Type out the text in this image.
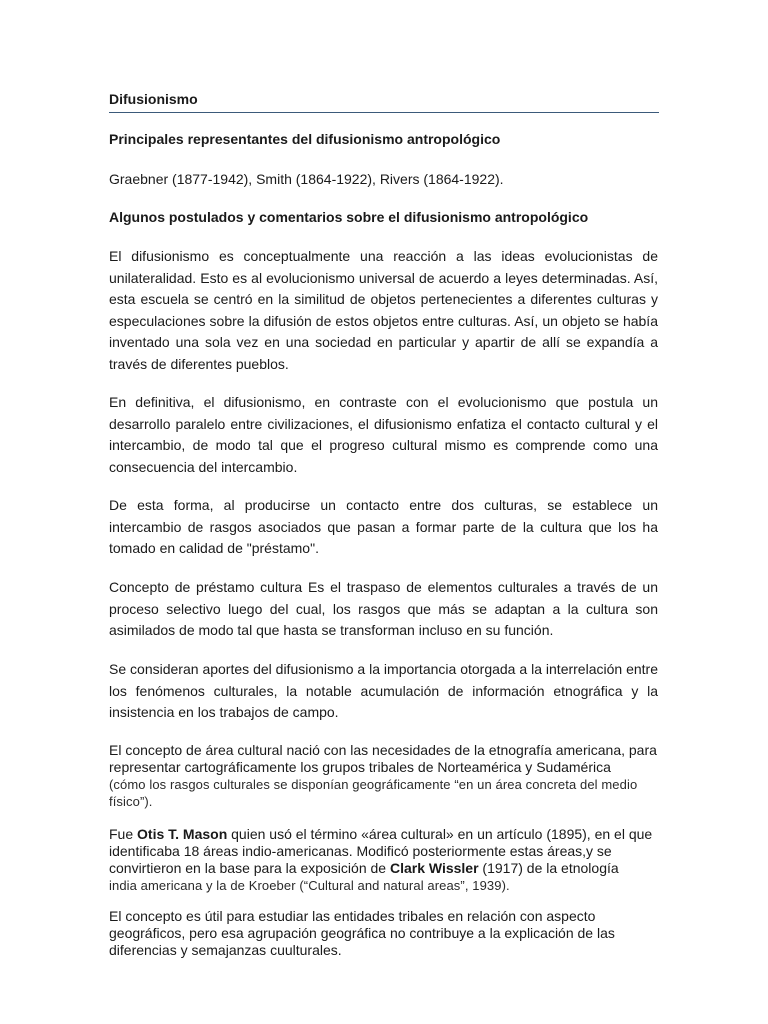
Difusionismo
Principales representantes del difusionismo antropológico

Graebner (1877-1942), Smith (1864-1922), Rivers (1864-1922).

Algunos postulados y comentarios sobre el difusionismo antropológico

El difusionismo es conceptualmente una reacción a las ideas evolucionistas de unilateralidad. Esto es al evolucionismo universal de acuerdo a leyes determinadas. Así, esta escuela se centró en la similitud de objetos pertenecientes a diferentes culturas y especulaciones sobre la difusión de estos objetos entre culturas. Así, un objeto se había inventado una sola vez en una sociedad en particular y apartir de allí se expandía a través de diferentes pueblos.

En definitiva, el difusionismo, en contraste con el evolucionismo que postula un desarrollo paralelo entre civilizaciones, el difusionismo enfatiza el contacto cultural y el intercambio, de modo tal que el progreso cultural mismo es comprende como una consecuencia del intercambio.

De esta forma, al producirse un contacto entre dos culturas, se establece un intercambio de rasgos asociados que pasan a formar parte de la cultura que los ha tomado en calidad de "préstamo".

Concepto de préstamo cultura Es el traspaso de elementos culturales a través de un proceso selectivo luego del cual, los rasgos que más se adaptan a la cultura son asimilados de modo tal que hasta se transforman incluso en su función.

Se consideran aportes del difusionismo a la importancia otorgada a la interrelación entre los fenómenos culturales, la notable acumulación de información etnográfica y la insistencia en los trabajos de campo.

El concepto de área cultural nació con las necesidades de la etnografía americana, para representar cartográficamente los grupos tribales de Norteamérica y Sudamérica
(cómo los rasgos culturales se disponían geográficamente “en un área concreta del medio físico”).
Fue Otis T. Mason quien usó el término «área cultural» en un artículo (1895), en el que identificaba 18 áreas indio-americanas. Modificó posteriormente estas áreas,y se convirtieron en la base para la exposición de Clark Wissler (1917) de la etnología
india americana y la de Kroeber (“Cultural and natural areas”, 1939).

El concepto es útil para estudiar las entidades tribales en relación con aspecto geográficos, pero esa agrupación geográfica no contribuye a la explicación de las diferencias y semajanzas cuulturales.
